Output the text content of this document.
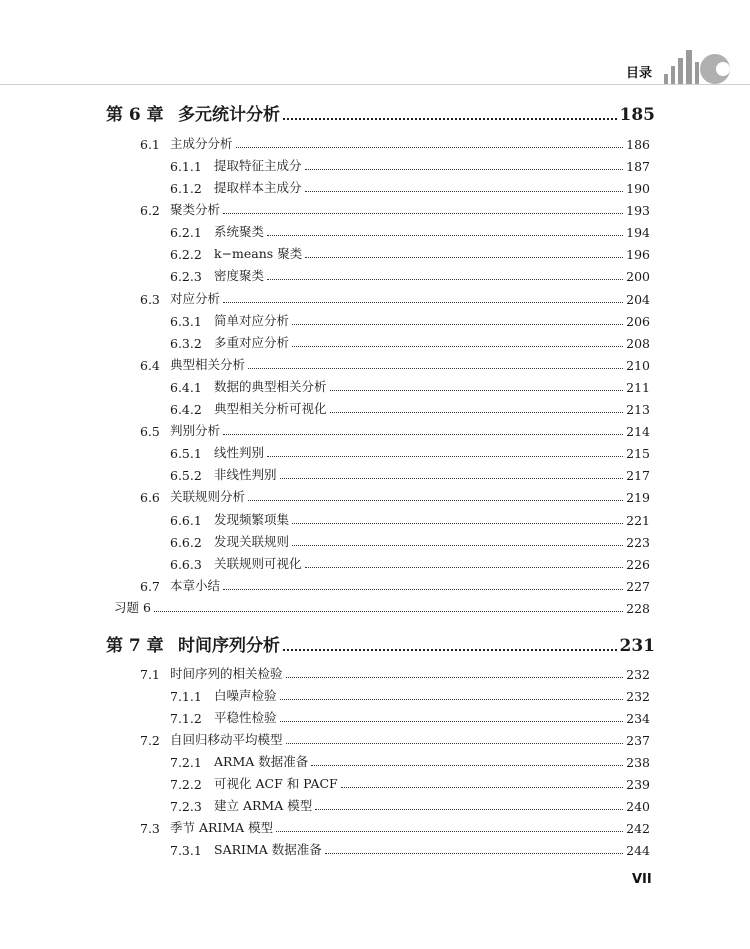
目录
第 6 章 多元统计分析	185
6.1 主成分分析	186
6.1.1 提取特征主成分	187
6.1.2 提取样本主成分	190
6.2 聚类分析	193
6.2.1 系统聚类	194
6.2.2 k−means 聚类	196
6.2.3 密度聚类	200
6.3 对应分析	204
6.3.1 简单对应分析	206
6.3.2 多重对应分析	208
6.4 典型相关分析	210
6.4.1 数据的典型相关分析	211
6.4.2 典型相关分析可视化	213
6.5 判别分析	214
6.5.1 线性判别	215
6.5.2 非线性判别	217
6.6 关联规则分析	219
6.6.1 发现频繁项集	221
6.6.2 发现关联规则	223
6.6.3 关联规则可视化	226
6.7 本章小结	227
习题 6	228
第 7 章 时间序列分析	231
7.1 时间序列的相关检验	232
7.1.1 白噪声检验	232
7.1.2 平稳性检验	234
7.2 自回归移动平均模型	237
7.2.1 ARMA 数据准备	238
7.2.2 可视化 ACF 和 PACF	239
7.2.3 建立 ARMA 模型	240
7.3 季节 ARIMA 模型	242
7.3.1 SARIMA 数据准备	244
VII
